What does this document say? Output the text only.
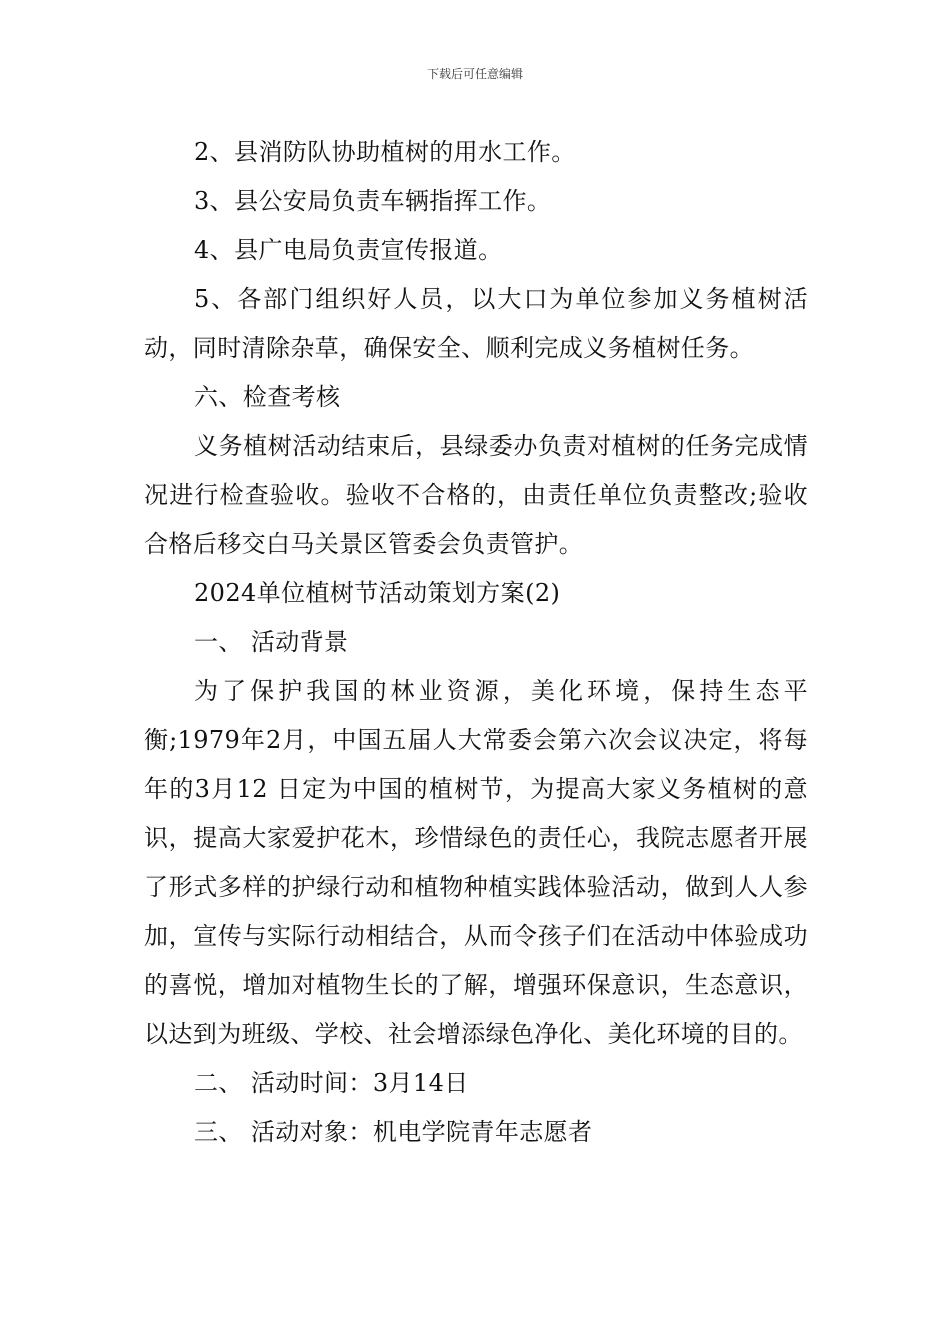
下载后可任意编辑

2、县消防队协助植树的用水工作。

3、县公安局负责车辆指挥工作。

4、县广电局负责宣传报道。

5、各部门组织好人员，以大口为单位参加义务植树活动，同时清除杂草，确保安全、顺利完成义务植树任务。

六、检查考核

义务植树活动结束后，县绿委办负责对植树的任务完成情况进行检查验收。验收不合格的，由责任单位负责整改;验收合格后移交白马关景区管委会负责管护。

2024单位植树节活动策划方案(2)

一、 活动背景

为了保护我国的林业资源，美化环境，保持生态平衡;1979年2月，中国五届人大常委会第六次会议决定，将每年的3月12 日定为中国的植树节，为提高大家义务植树的意识，提高大家爱护花木，珍惜绿色的责任心，我院志愿者开展了形式多样的护绿行动和植物种植实践体验活动，做到人人参加，宣传与实际行动相结合，从而令孩子们在活动中体验成功的喜悦，增加对植物生长的了解，增强环保意识，生态意识，以达到为班级、学校、社会增添绿色净化、美化环境的目的。

二、 活动时间：3月14日

三、 活动对象：机电学院青年志愿者
